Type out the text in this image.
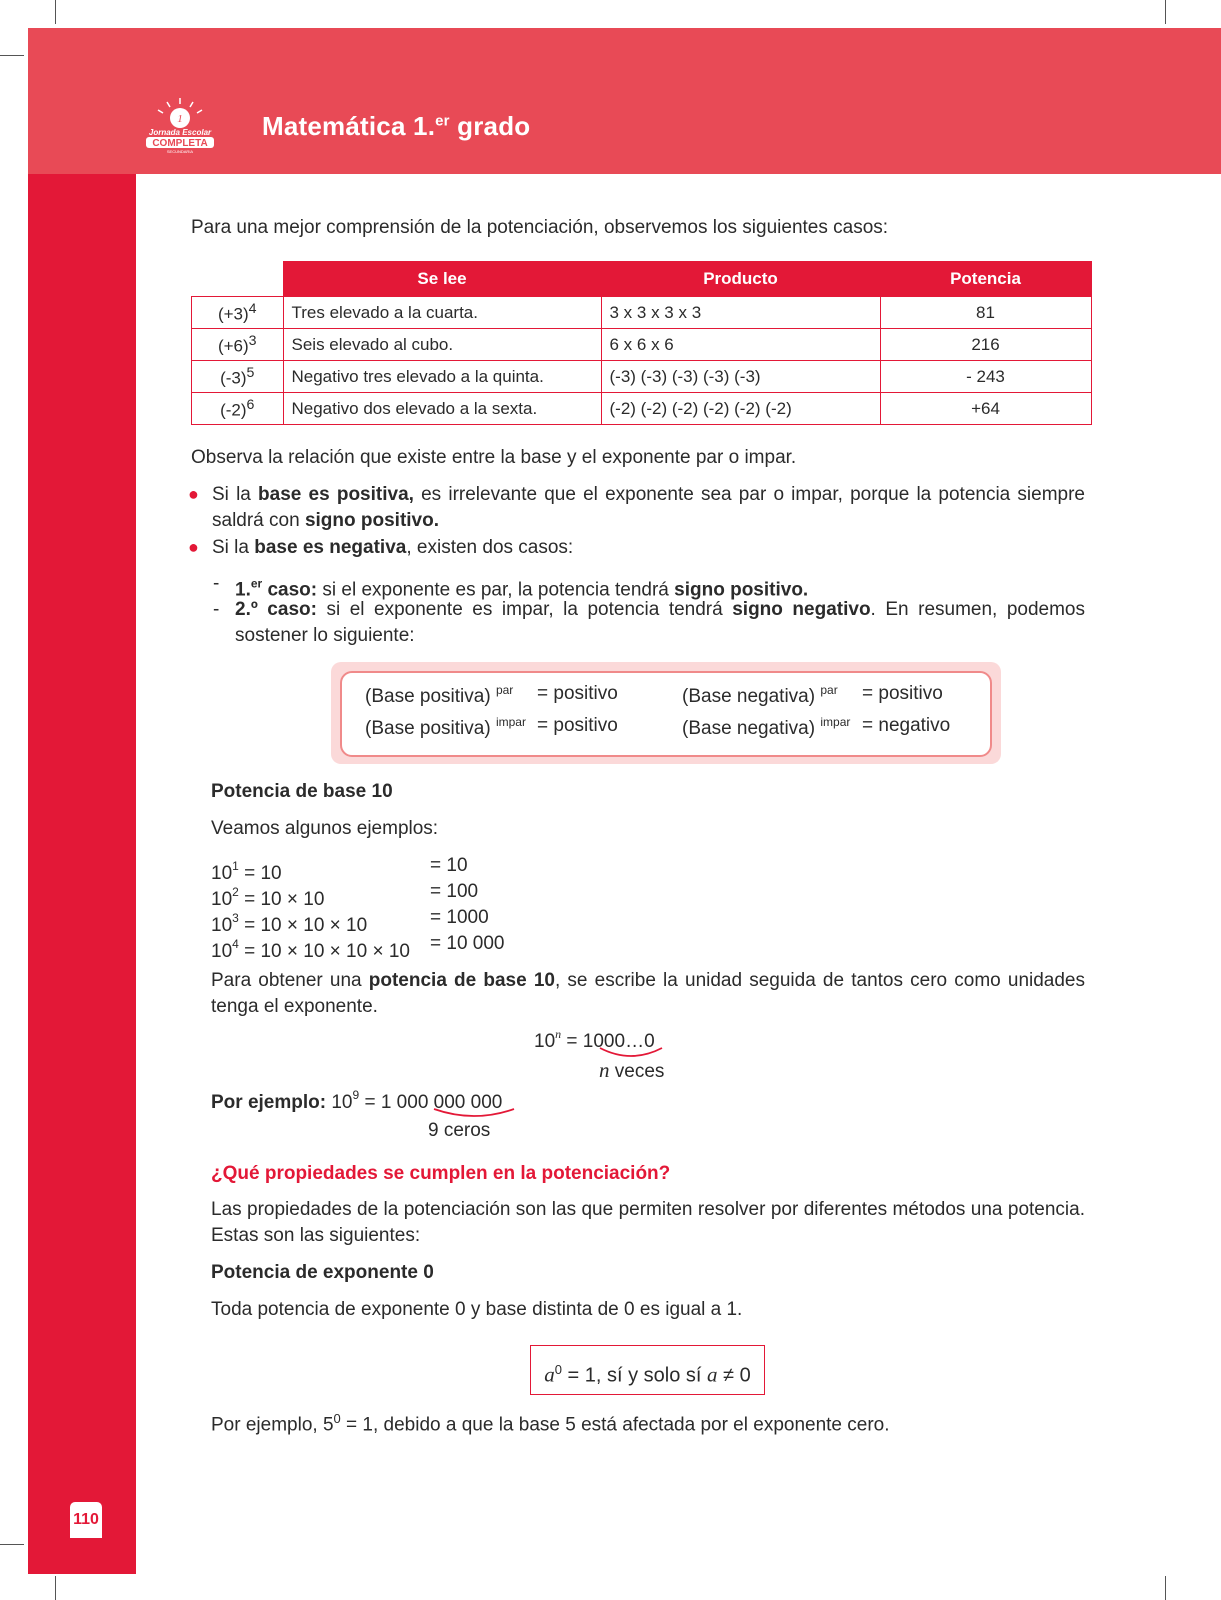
1
Jornada Escolar
COMPLETA
SECUNDARIA
Matemática 1.$^{er}$ grado
110
Para una mejor comprensión de la potenciación, observemos los siguientes casos:
	Se lee	Producto	Potencia
$(+3)^4$	Tres elevado a la cuarta.	3 x 3 x 3 x 3	81
$(+6)^3$	Seis elevado al cubo.	6 x 6 x 6	216
$(-3)^5$	Negativo tres elevado a la quinta.	(-3) (-3) (-3) (-3) (-3)	- 243
$(-2)^6$	Negativo dos elevado a la sexta.	(-2) (-2) (-2) (-2) (-2) (-2)	+64
Observa la relación que existe entre la base y el exponente par o impar.
● Si la base es positiva, es irrelevante que el exponente sea par o impar, porque la potencia siempre saldrá con signo positivo.
● Si la base es negativa, existen dos casos:
- 1.$^{er}$ caso: si el exponente es par, la potencia tendrá signo positivo.
- 2.º caso: si el exponente es impar, la potencia tendrá signo negativo. En resumen, podemos sostener lo siguiente:
(Base positiva) $^{par}$ = positivo
(Base positiva) $^{impar}$ = positivo
(Base negativa) $^{par}$ = positivo
(Base negativa) $^{impar}$ = negativo
Potencia de base 10
Veamos algunos ejemplos:
$10^1 = 10$	= 10
$10^2 = 10 \times 10$	= 100
$10^3 = 10 \times 10 \times 10$	= 1000
$10^4 = 10 \times 10 \times 10 \times 10 = 10$ 000
Para obtener una potencia de base 10, se escribe la unidad seguida de tantos cero como unidades tenga el exponente.
$10^n$ = 1000…0
n veces
Por ejemplo: $10^9 = 1$ 000 000 000
9 ceros
¿Qué propiedades se cumplen en la potenciación?
Las propiedades de la potenciación son las que permiten resolver por diferentes métodos una potencia. Estas son las siguientes:
Potencia de exponente 0
Toda potencia de exponente 0 y base distinta de 0 es igual a 1.
$a^0 = 1$, sí y solo sí a ≠ 0
Por ejemplo, $5^0 = 1$, debido a que la base 5 está afectada por el exponente cero.
